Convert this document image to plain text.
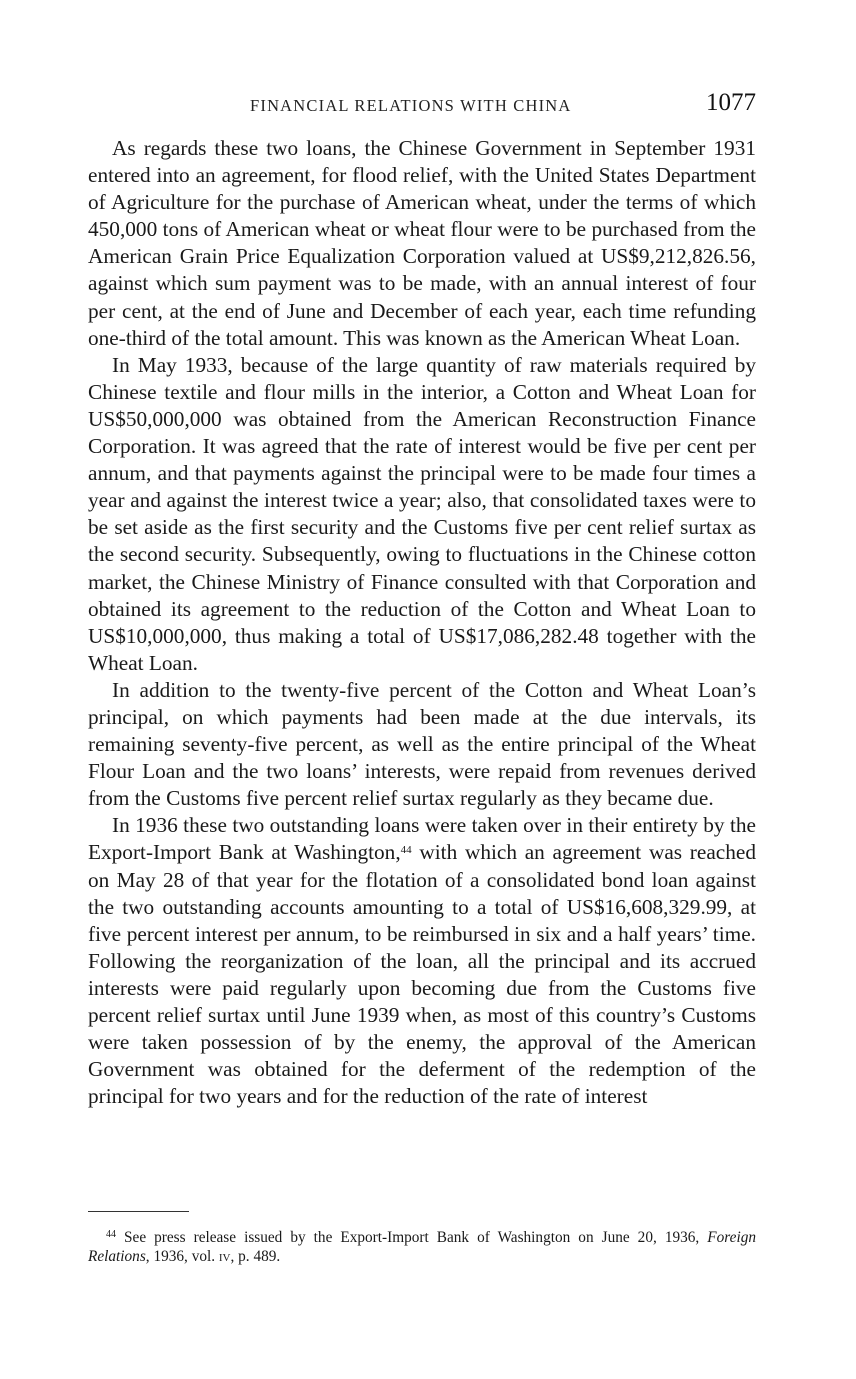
FINANCIAL RELATIONS WITH CHINA	1077

As regards these two loans, the Chinese Government in September 1931 entered into an agreement, for flood relief, with the United States Department of Agriculture for the purchase of American wheat, under the terms of which 450,000 tons of American wheat or wheat flour were to be purchased from the American Grain Price Equalization Corporation valued at US$9,212,826.56, against which sum payment was to be made, with an annual interest of four per cent, at the end of June and December of each year, each time refunding one-third of the total amount. This was known as the American Wheat Loan.

In May 1933, because of the large quantity of raw materials required by Chinese textile and flour mills in the interior, a Cotton and Wheat Loan for US$50,000,000 was obtained from the American Reconstruction Finance Corporation. It was agreed that the rate of interest would be five per cent per annum, and that payments against the principal were to be made four times a year and against the interest twice a year; also, that consolidated taxes were to be set aside as the first security and the Customs five per cent relief surtax as the second security. Subsequently, owing to fluctuations in the Chinese cotton market, the Chinese Ministry of Finance consulted with that Corporation and obtained its agreement to the reduction of the Cotton and Wheat Loan to US$10,000,000, thus making a total of US$17,086,282.48 together with the Wheat Loan.

In addition to the twenty-five percent of the Cotton and Wheat Loan’s principal, on which payments had been made at the due intervals, its remaining seventy-five percent, as well as the entire principal of the Wheat Flour Loan and the two loans’ interests, were repaid from revenues derived from the Customs five percent relief surtax regularly as they became due.

In 1936 these two outstanding loans were taken over in their entirety by the Export-Import Bank at Washington,$^{44}$ with which an agreement was reached on May 28 of that year for the flotation of a consolidated bond loan against the two outstanding accounts amounting to a total of US$16,608,329.99, at five percent interest per annum, to be reimbursed in six and a half years’ time. Following the reorganization of the loan, all the principal and its accrued interests were paid regularly upon becoming due from the Customs five percent relief surtax until June 1939 when, as most of this country’s Customs were taken possession of by the enemy, the approval of the American Government was obtained for the deferment of the redemption of the principal for two years and for the reduction of the rate of interest

$^{44}$ See press release issued by the Export-Import Bank of Washington on June 20, 1936, Foreign Relations, 1936, vol. iv, p. 489.
